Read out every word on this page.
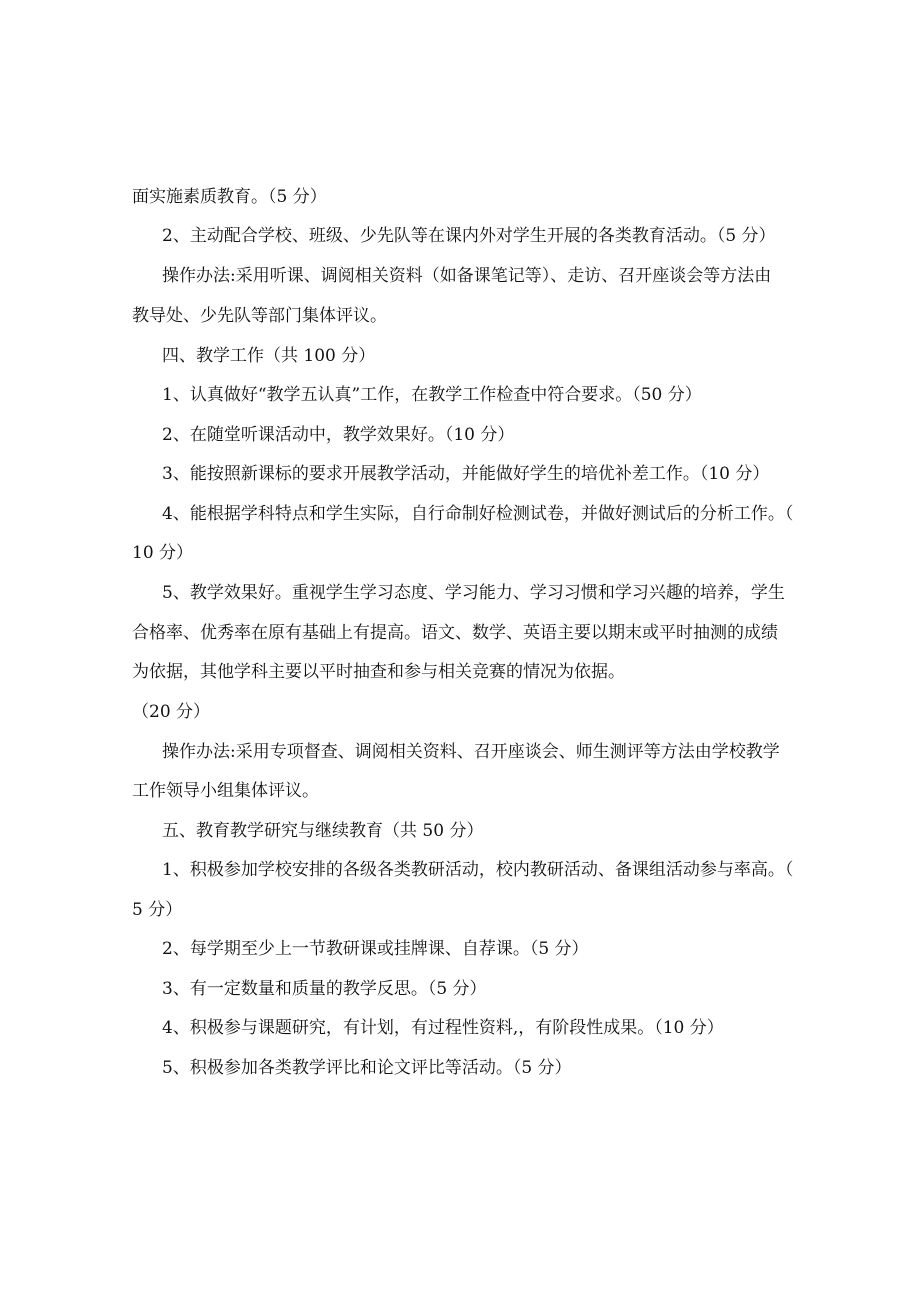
面实施素质教育。（5 分）
2、主动配合学校、班级、少先队等在课内外对学生开展的各类教育活动。（5 分）
操作办法:采用听课、调阅相关资料（如备课笔记等）、走访、召开座谈会等方法由
教导处、少先队等部门集体评议。
四、教学工作（共 100 分）
1、认真做好“教学五认真”工作，在教学工作检查中符合要求。（50 分）
2、在随堂听课活动中，教学效果好。（10 分）
3、能按照新课标的要求开展教学活动，并能做好学生的培优补差工作。（10 分）
4、能根据学科特点和学生实际，自行命制好检测试卷，并做好测试后的分析工作。（
10 分）
5、教学效果好。重视学生学习态度、学习能力、学习习惯和学习兴趣的培养，学生
合格率、优秀率在原有基础上有提高。语文、数学、英语主要以期末或平时抽测的成绩
为依据，其他学科主要以平时抽查和参与相关竞赛的情况为依据。
（20 分）
操作办法:采用专项督查、调阅相关资料、召开座谈会、师生测评等方法由学校教学
工作领导小组集体评议。
五、教育教学研究与继续教育（共 50 分）
1、积极参加学校安排的各级各类教研活动，校内教研活动、备课组活动参与率高。（
5 分）
2、每学期至少上一节教研课或挂牌课、自荐课。（5 分）
3、有一定数量和质量的教学反思。（5 分）
4、积极参与课题研究，有计划，有过程性资料,，有阶段性成果。（10 分）
5、积极参加各类教学评比和论文评比等活动。（5 分）
